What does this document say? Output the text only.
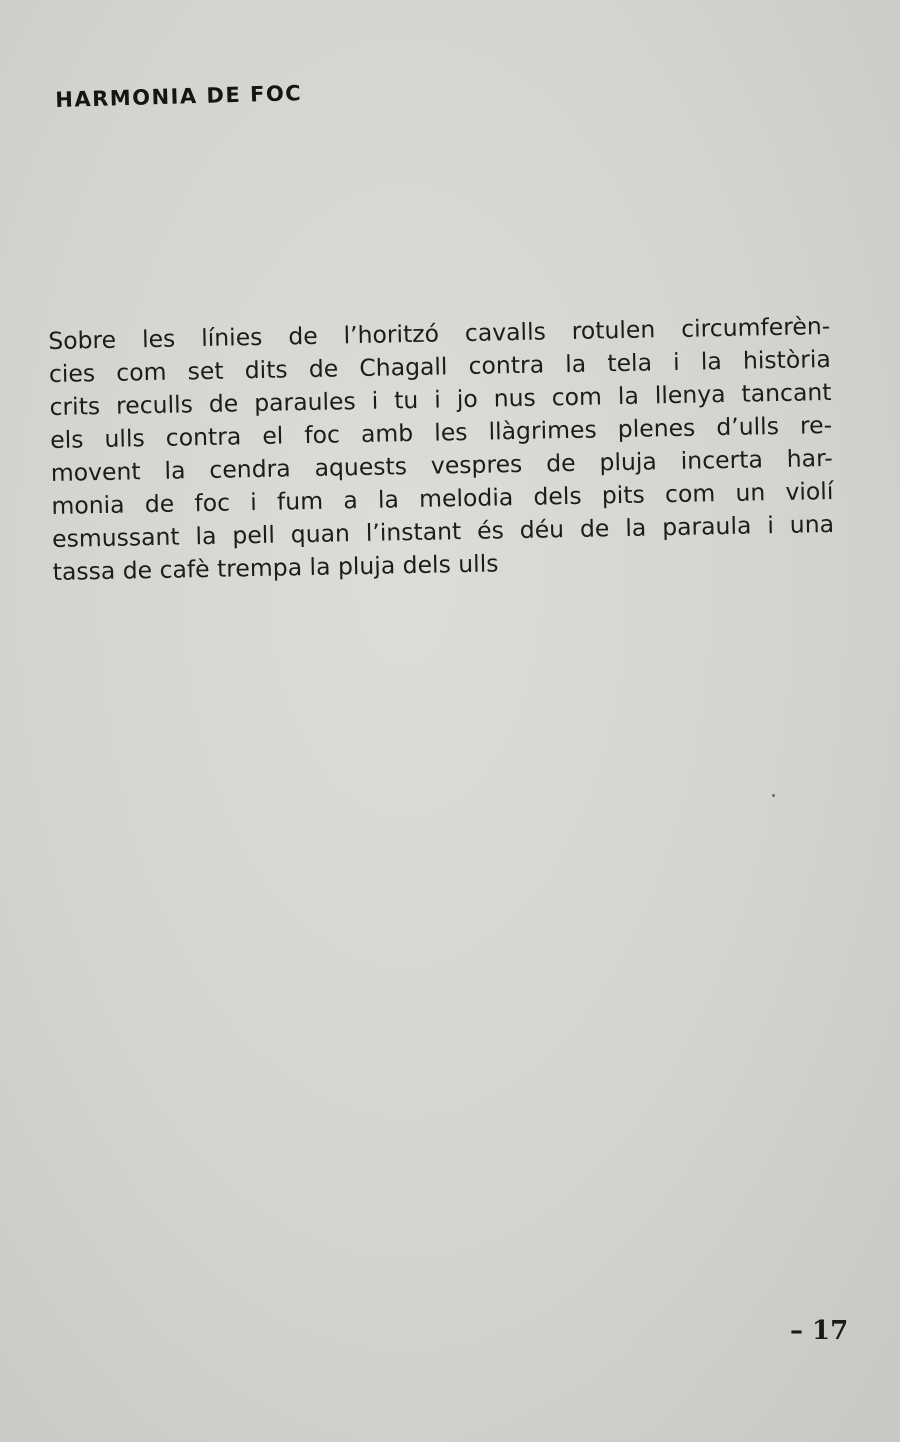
HARMONIA DE FOC
Sobre les línies de l’horitzó cavalls rotulen circumferèn-
cies com set dits de Chagall contra la tela i la història
crits reculls de paraules i tu i jo nus com la llenya tancant
els ulls contra el foc amb les llàgrimes plenes d’ulls re-
movent la cendra aquests vespres de pluja incerta har-
monia de foc i fum a la melodia dels pits com un violí
esmussant la pell quan l’instant és déu de la paraula i una
tassa de cafè trempa la pluja dels ulls
– 17
